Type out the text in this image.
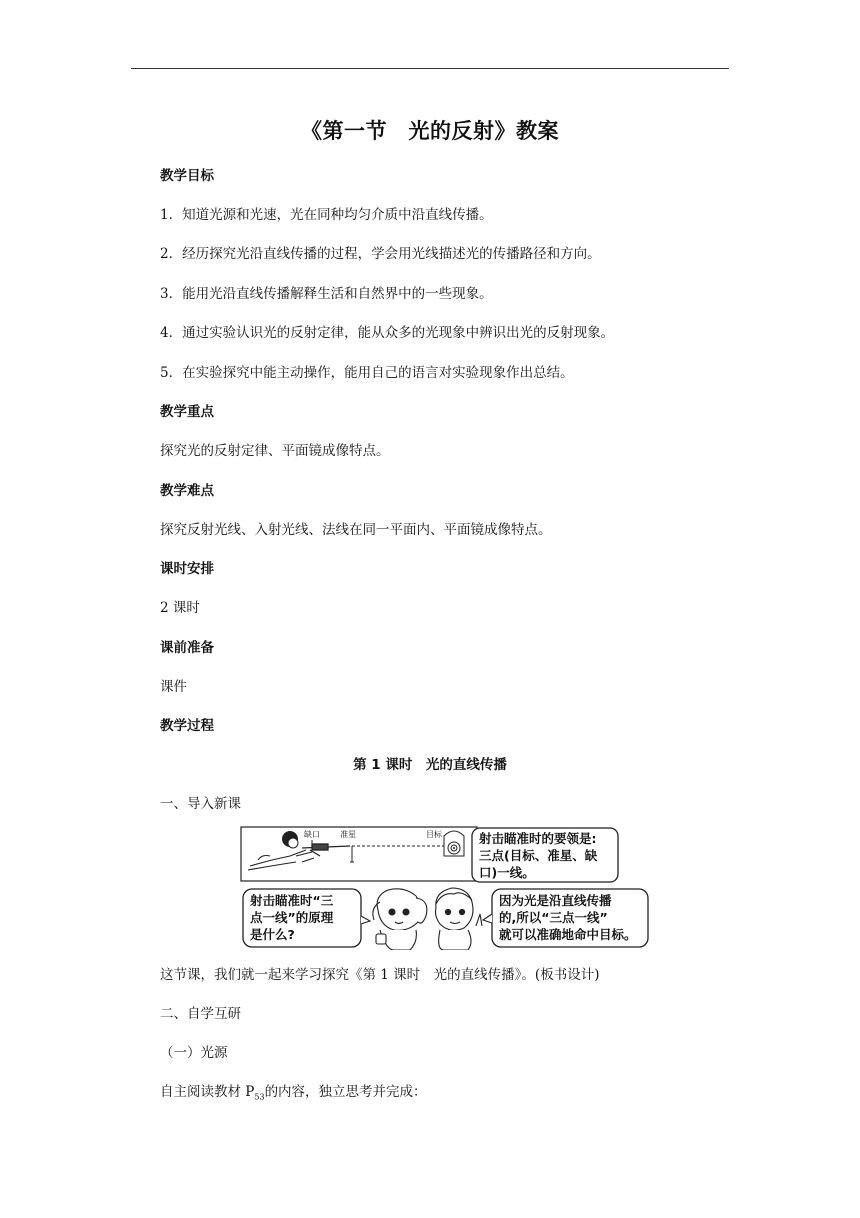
《第一节　光的反射》教案
教学目标
1．知道光源和光速，光在同种均匀介质中沿直线传播。
2．经历探究光沿直线传播的过程，学会用光线描述光的传播路径和方向。
3．能用光沿直线传播解释生活和自然界中的一些现象。
4．通过实验认识光的反射定律，能从众多的光现象中辨识出光的反射现象。
5．在实验探究中能主动操作，能用自己的语言对实验现象作出总结。
教学重点
探究光的反射定律、平面镜成像特点。
教学难点
探究反射光线、入射光线、法线在同一平面内、平面镜成像特点。
课时安排
2 课时
课前准备
课件
教学过程
第 1 课时　光的直线传播
一、导入新课
缺口	准星	目标	射击瞄准时的要领是:
三点(目标、准星、缺
口)一线。
射击瞄准时“三
点一线”的原理
是什么?
因为光是沿直线传播
的,所以“三点一线”
就可以准确地命中目标。
这节课，我们就一起来学习探究《第 1 课时　光的直线传播》。(板书设计)
二、自学互研
（一）光源
自主阅读教材 $P_{53}$的内容，独立思考并完成：
